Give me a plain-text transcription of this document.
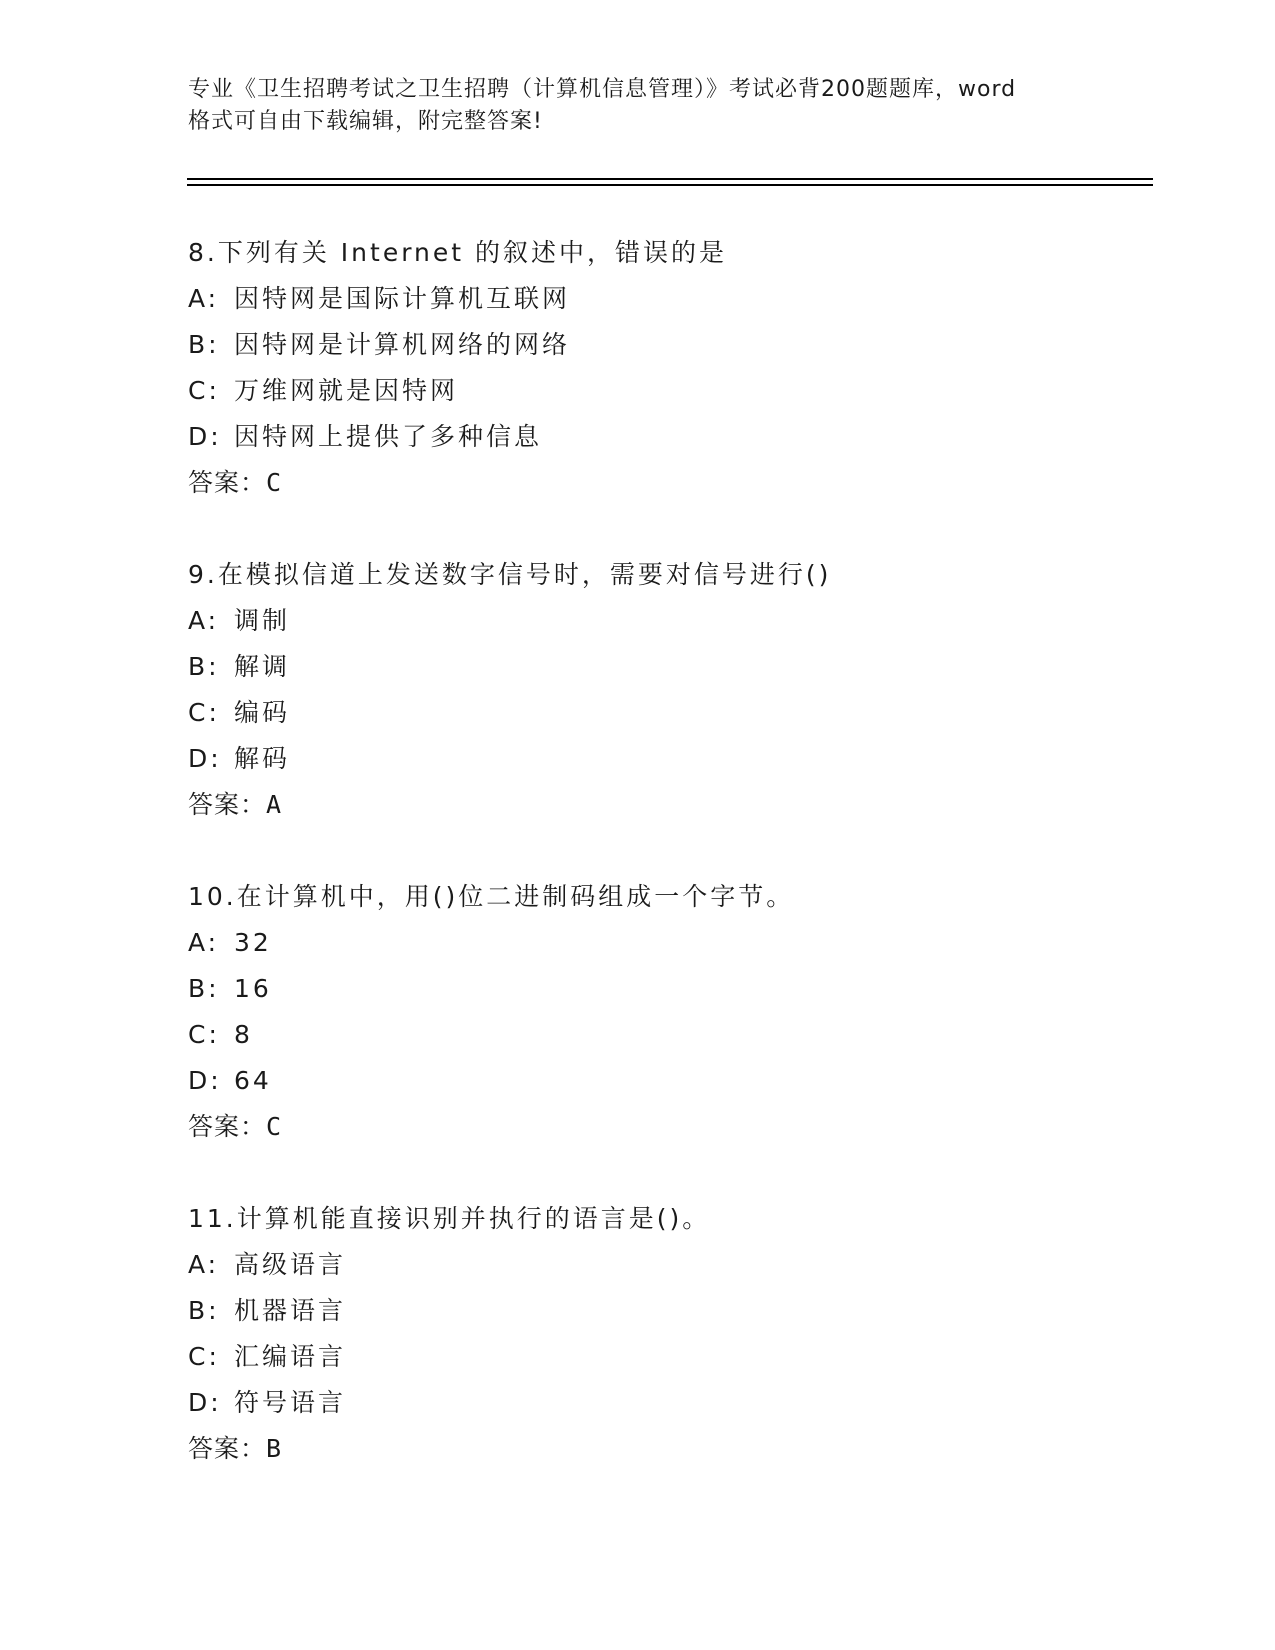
专业《卫生招聘考试之卫生招聘（计算机信息管理）》考试必背200题题库，word
格式可自由下载编辑，附完整答案!
8.下列有关 Internet 的叙述中，错误的是
A: 因特网是国际计算机互联网
B: 因特网是计算机网络的网络
C: 万维网就是因特网
D: 因特网上提供了多种信息
答案：C
9.在模拟信道上发送数字信号时，需要对信号进行()
A: 调制
B: 解调
C: 编码
D: 解码
答案：A
10.在计算机中，用()位二进制码组成一个字节。
A: 32
B: 16
C: 8
D: 64
答案：C
11.计算机能直接识别并执行的语言是()。
A: 高级语言
B: 机器语言
C: 汇编语言
D: 符号语言
答案：B
